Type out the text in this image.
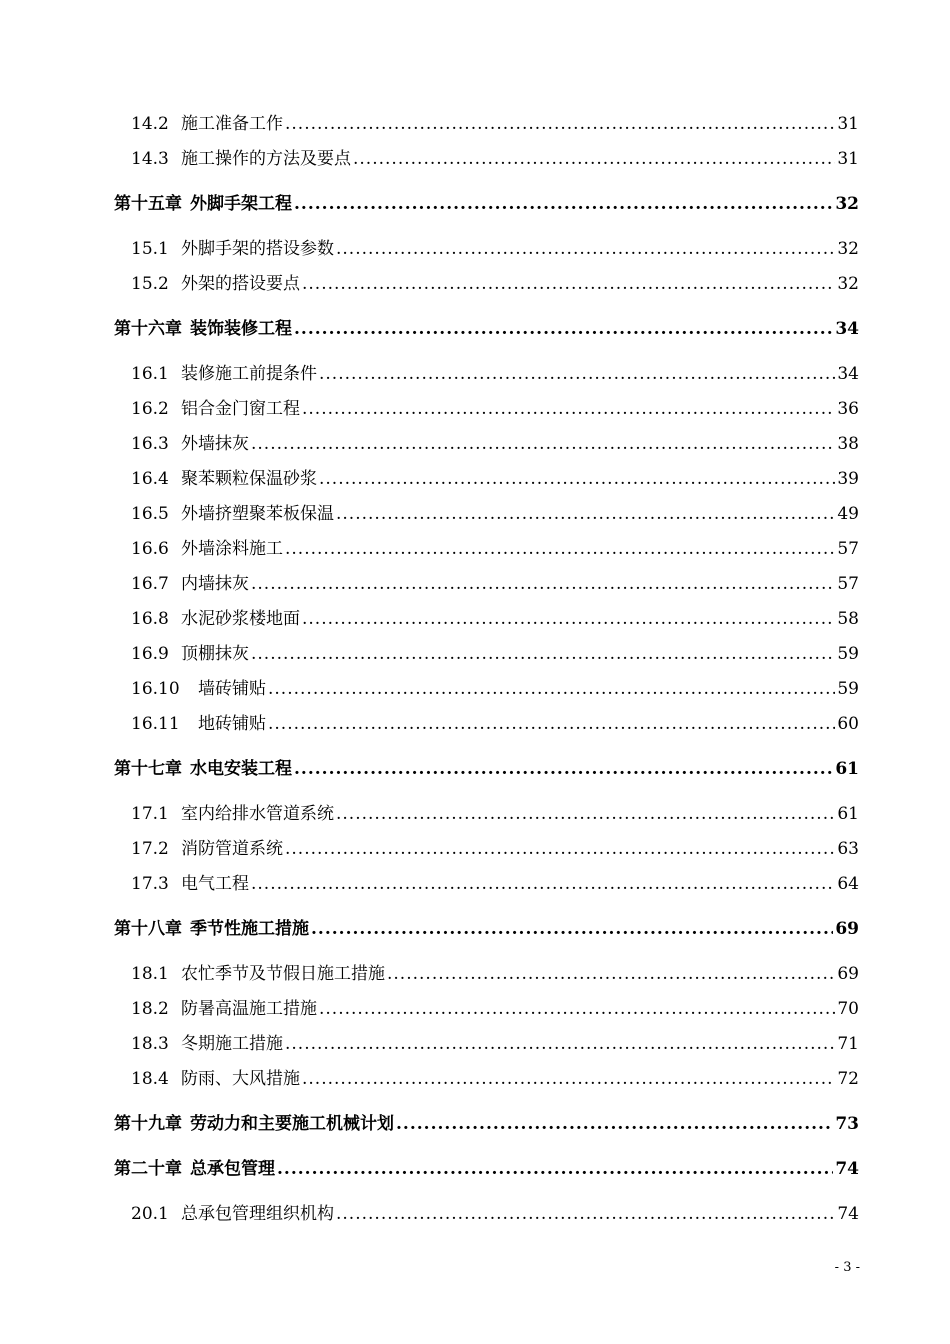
14.2 施工准备工作 .....	31
14.3 施工操作的方法及要点 .....	31
第十五章 外脚手架工程 .....	32
15.1 外脚手架的搭设参数 .....	32
15.2 外架的搭设要点 .....	32
第十六章 装饰装修工程 .....	34
16.1 装修施工前提条件 .....	34
16.2 铝合金门窗工程 .....	36
16.3 外墙抹灰 .....	38
16.4 聚苯颗粒保温砂浆 .....	39
16.5 外墙挤塑聚苯板保温 .....	49
16.6 外墙涂料施工 .....	57
16.7 内墙抹灰 .....	57
16.8 水泥砂浆楼地面 .....	58
16.9 顶棚抹灰 .....	59
16.10	墙砖铺贴 .....	59
16.11	地砖铺贴 .....	60
第十七章 水电安装工程 .....	61
17.1 室内给排水管道系统 .....	61
17.2 消防管道系统 .....	63
17.3 电气工程 .....	64
第十八章 季节性施工措施 .....	69
18.1 农忙季节及节假日施工措施 .....	69
18.2 防暑高温施工措施 .....	70
18.3 冬期施工措施 .....	71
18.4 防雨、大风措施 .....	72
第十九章 劳动力和主要施工机械计划 .....	73
第二十章 总承包管理 .....	74
20.1 总承包管理组织机构 .....	74
- 3 -
